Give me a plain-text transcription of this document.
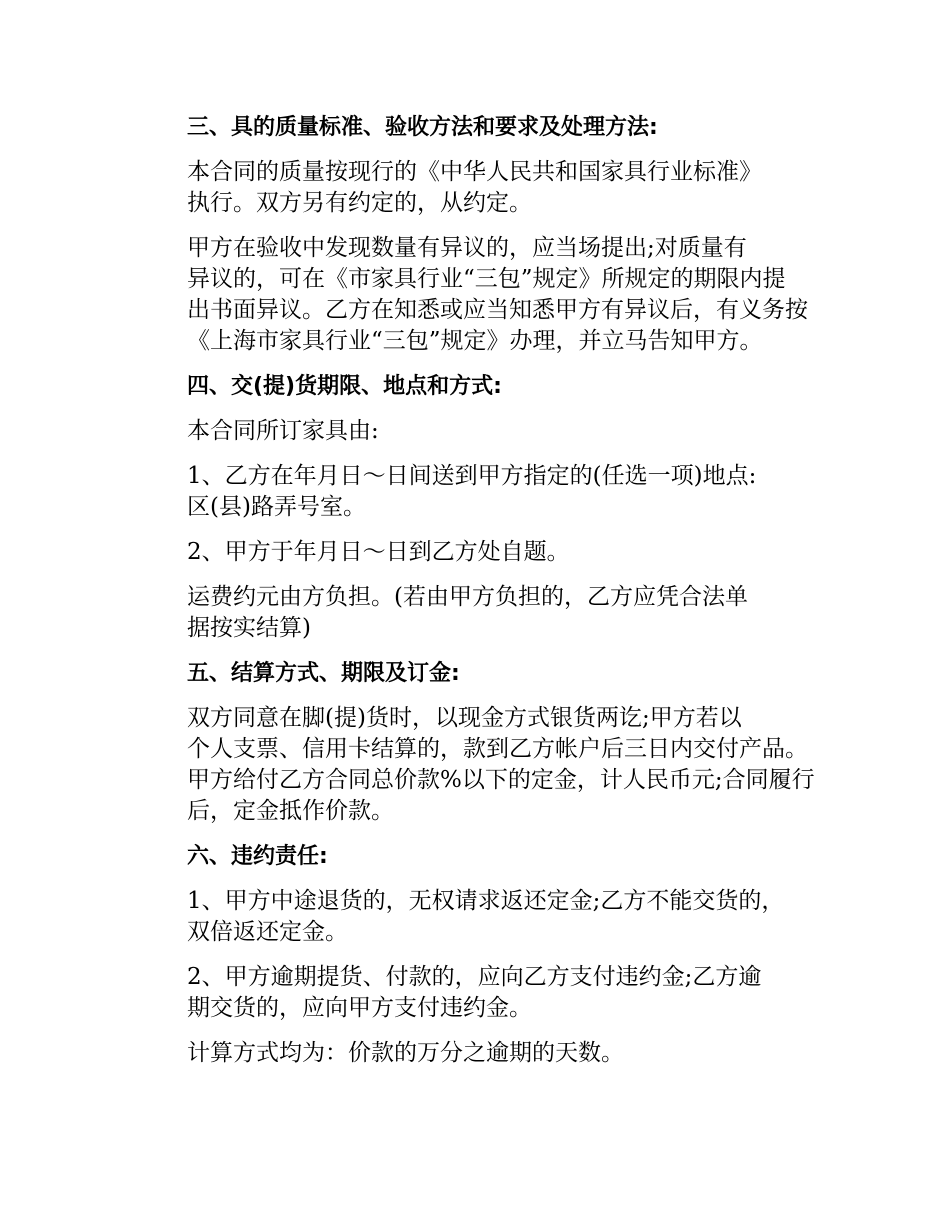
三、具的质量标准、验收方法和要求及处理方法:
本合同的质量按现行的《中华人民共和国家具行业标准》
执行。双方另有约定的，从约定。
甲方在验收中发现数量有异议的，应当场提出;对质量有
异议的，可在《市家具行业“三包”规定》所规定的期限内提
出书面异议。乙方在知悉或应当知悉甲方有异议后，有义务按
《上海市家具行业“三包”规定》办理，并立马告知甲方。
四、交(提)货期限、地点和方式:
本合同所订家具由:
1、乙方在年月日～日间送到甲方指定的(任选一项)地点:
区(县)路弄号室。
2、甲方于年月日～日到乙方处自题。
运费约元由方负担。(若由甲方负担的，乙方应凭合法单
据按实结算)
五、结算方式、期限及订金:
双方同意在脚(提)货时，以现金方式银货两讫;甲方若以
个人支票、信用卡结算的，款到乙方帐户后三日内交付产品。
甲方给付乙方合同总价款%以下的定金，计人民币元;合同履行
后，定金抵作价款。
六、违约责任:
1、甲方中途退货的，无权请求返还定金;乙方不能交货的，
双倍返还定金。
2、甲方逾期提货、付款的，应向乙方支付违约金;乙方逾
期交货的，应向甲方支付违约金。
计算方式均为：价款的万分之逾期的天数。
